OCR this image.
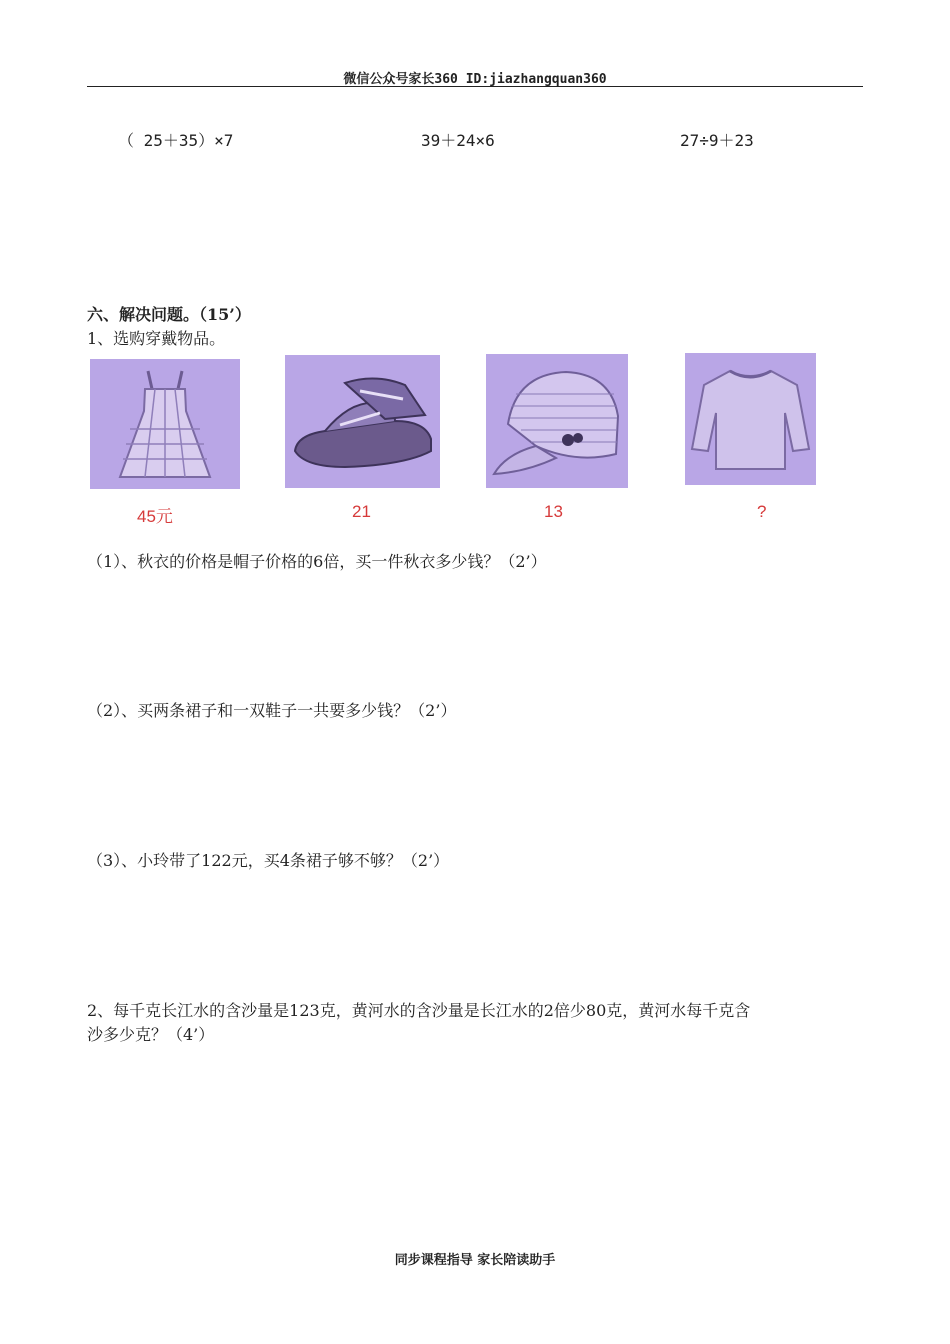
微信公众号家长360 ID:jiazhangquan360
（ 25＋35）×7	39＋24×6	27÷9＋23
六、解决问题。（15’）
1、选购穿戴物品。
45元	21	13	?
（1）、秋衣的价格是帽子价格的6倍，买一件秋衣多少钱？（2’）
（2）、买两条裙子和一双鞋子一共要多少钱？（2’）
（3）、小玲带了122元，买4条裙子够不够？（2’）
2、每千克长江水的含沙量是123克，黄河水的含沙量是长江水的2倍少80克，黄河水每千克含
沙多少克？（4’）
同步课程指导 家长陪读助手
